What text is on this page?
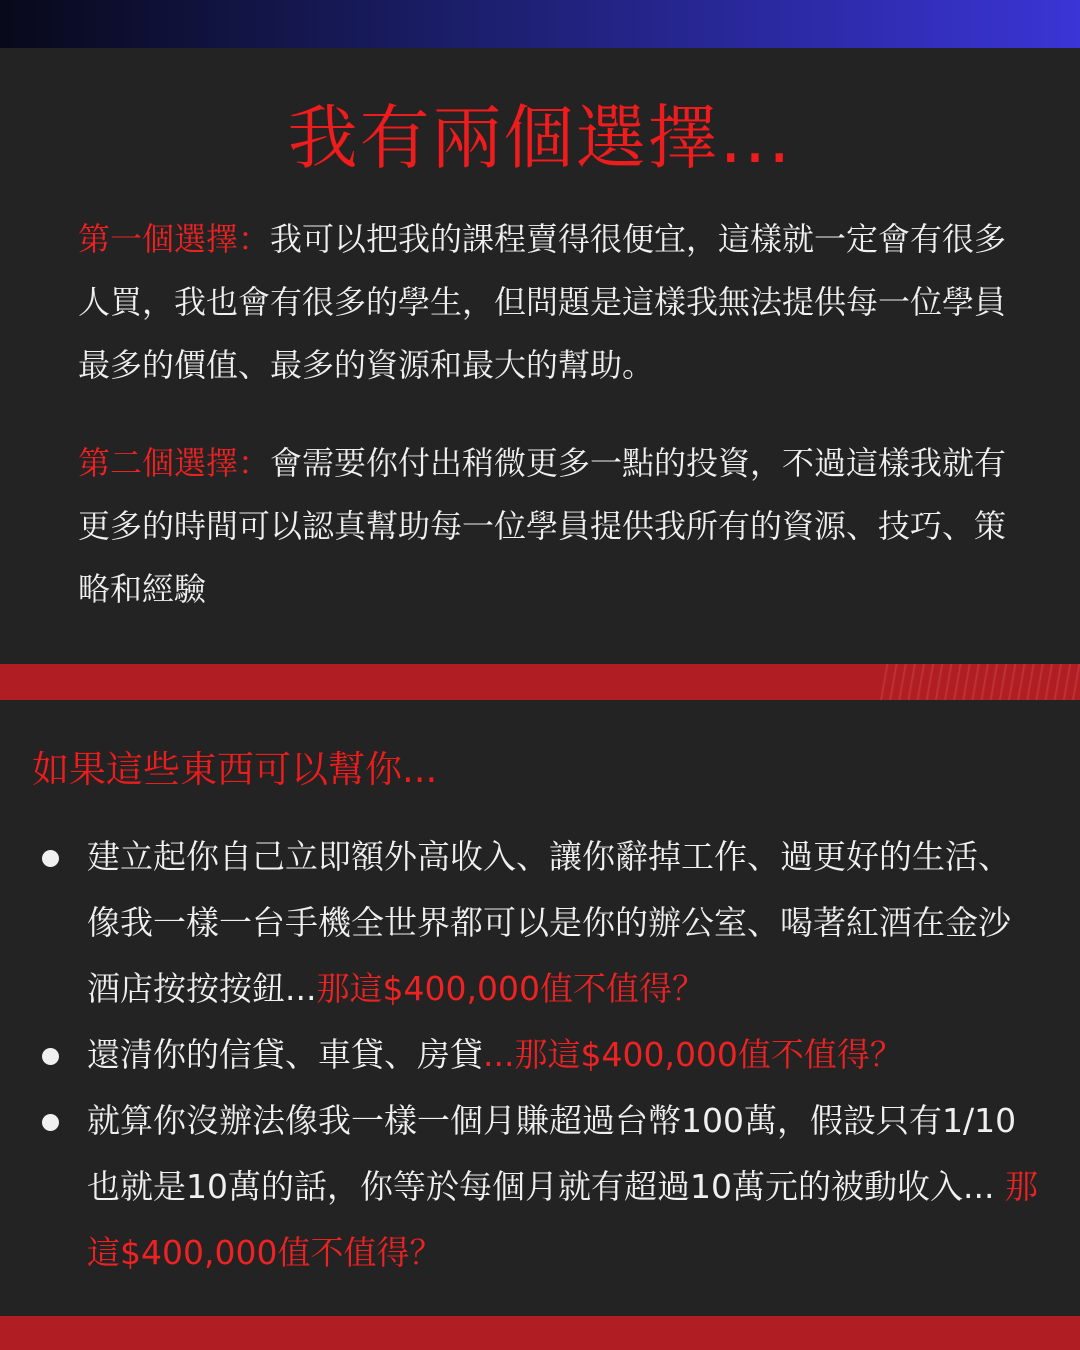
我有兩個選擇...

第一個選擇：我可以把我的課程賣得很便宜，這樣就一定會有很多人買，我也會有很多的學生，但問題是這樣我無法提供每一位學員最多的價值、最多的資源和最大的幫助。

第二個選擇：會需要你付出稍微更多一點的投資，不過這樣我就有更多的時間可以認真幫助每一位學員提供我所有的資源、技巧、策略和經驗

如果這些東西可以幫你...
建立起你自己立即額外高收入、讓你辭掉工作、過更好的生活、像我一樣一台手機全世界都可以是你的辦公室、喝著紅酒在金沙酒店按按按鈕...那這$400,000值不值得？
還清你的信貸、車貸、房貸...那這$400,000值不值得？
就算你沒辦法像我一樣一個月賺超過台幣100萬，假設只有1/10也就是10萬的話，你等於每個月就有超過10萬元的被動收入... 那這$400,000值不值得？
